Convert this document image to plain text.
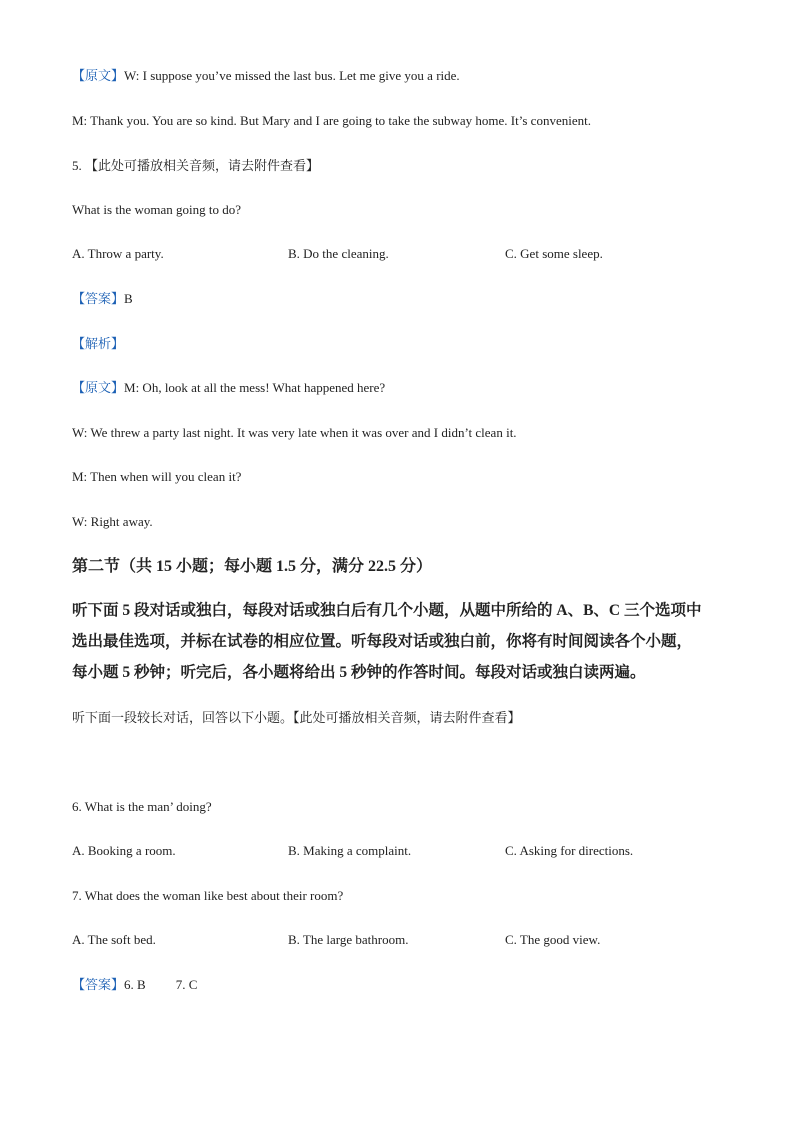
【原文】W: I suppose you’ve missed the last bus. Let me give you a ride.
M: Thank you. You are so kind. But Mary and I are going to take the subway home. It’s convenient.
5. 【此处可播放相关音频，请去附件查看】
What is the woman going to do?
A. Throw a party.	B. Do the cleaning.	C. Get some sleep.
【答案】B
【解析】
【原文】M: Oh, look at all the mess! What happened here?
W: We threw a party last night. It was very late when it was over and I didn’t clean it.
M: Then when will you clean it?
W: Right away.
第二节（共 15 小题；每小题 1.5 分，满分 22.5 分）
听下面 5 段对话或独白，每段对话或独白后有几个小题，从题中所给的 A、B、C 三个选项中
选出最佳选项，并标在试卷的相应位置。听每段对话或独白前，你将有时间阅读各个小题，
每小题 5 秒钟；听完后，各小题将给出 5 秒钟的作答时间。每段对话或独白读两遍。
听下面一段较长对话，回答以下小题。【此处可播放相关音频，请去附件查看】
6. What is the man’ doing?
A. Booking a room.	B. Making a complaint.	C. Asking for directions.
7. What does the woman like best about their room?
A. The soft bed.	B. The large bathroom.	C. The good view.
【答案】6. B 7. C
